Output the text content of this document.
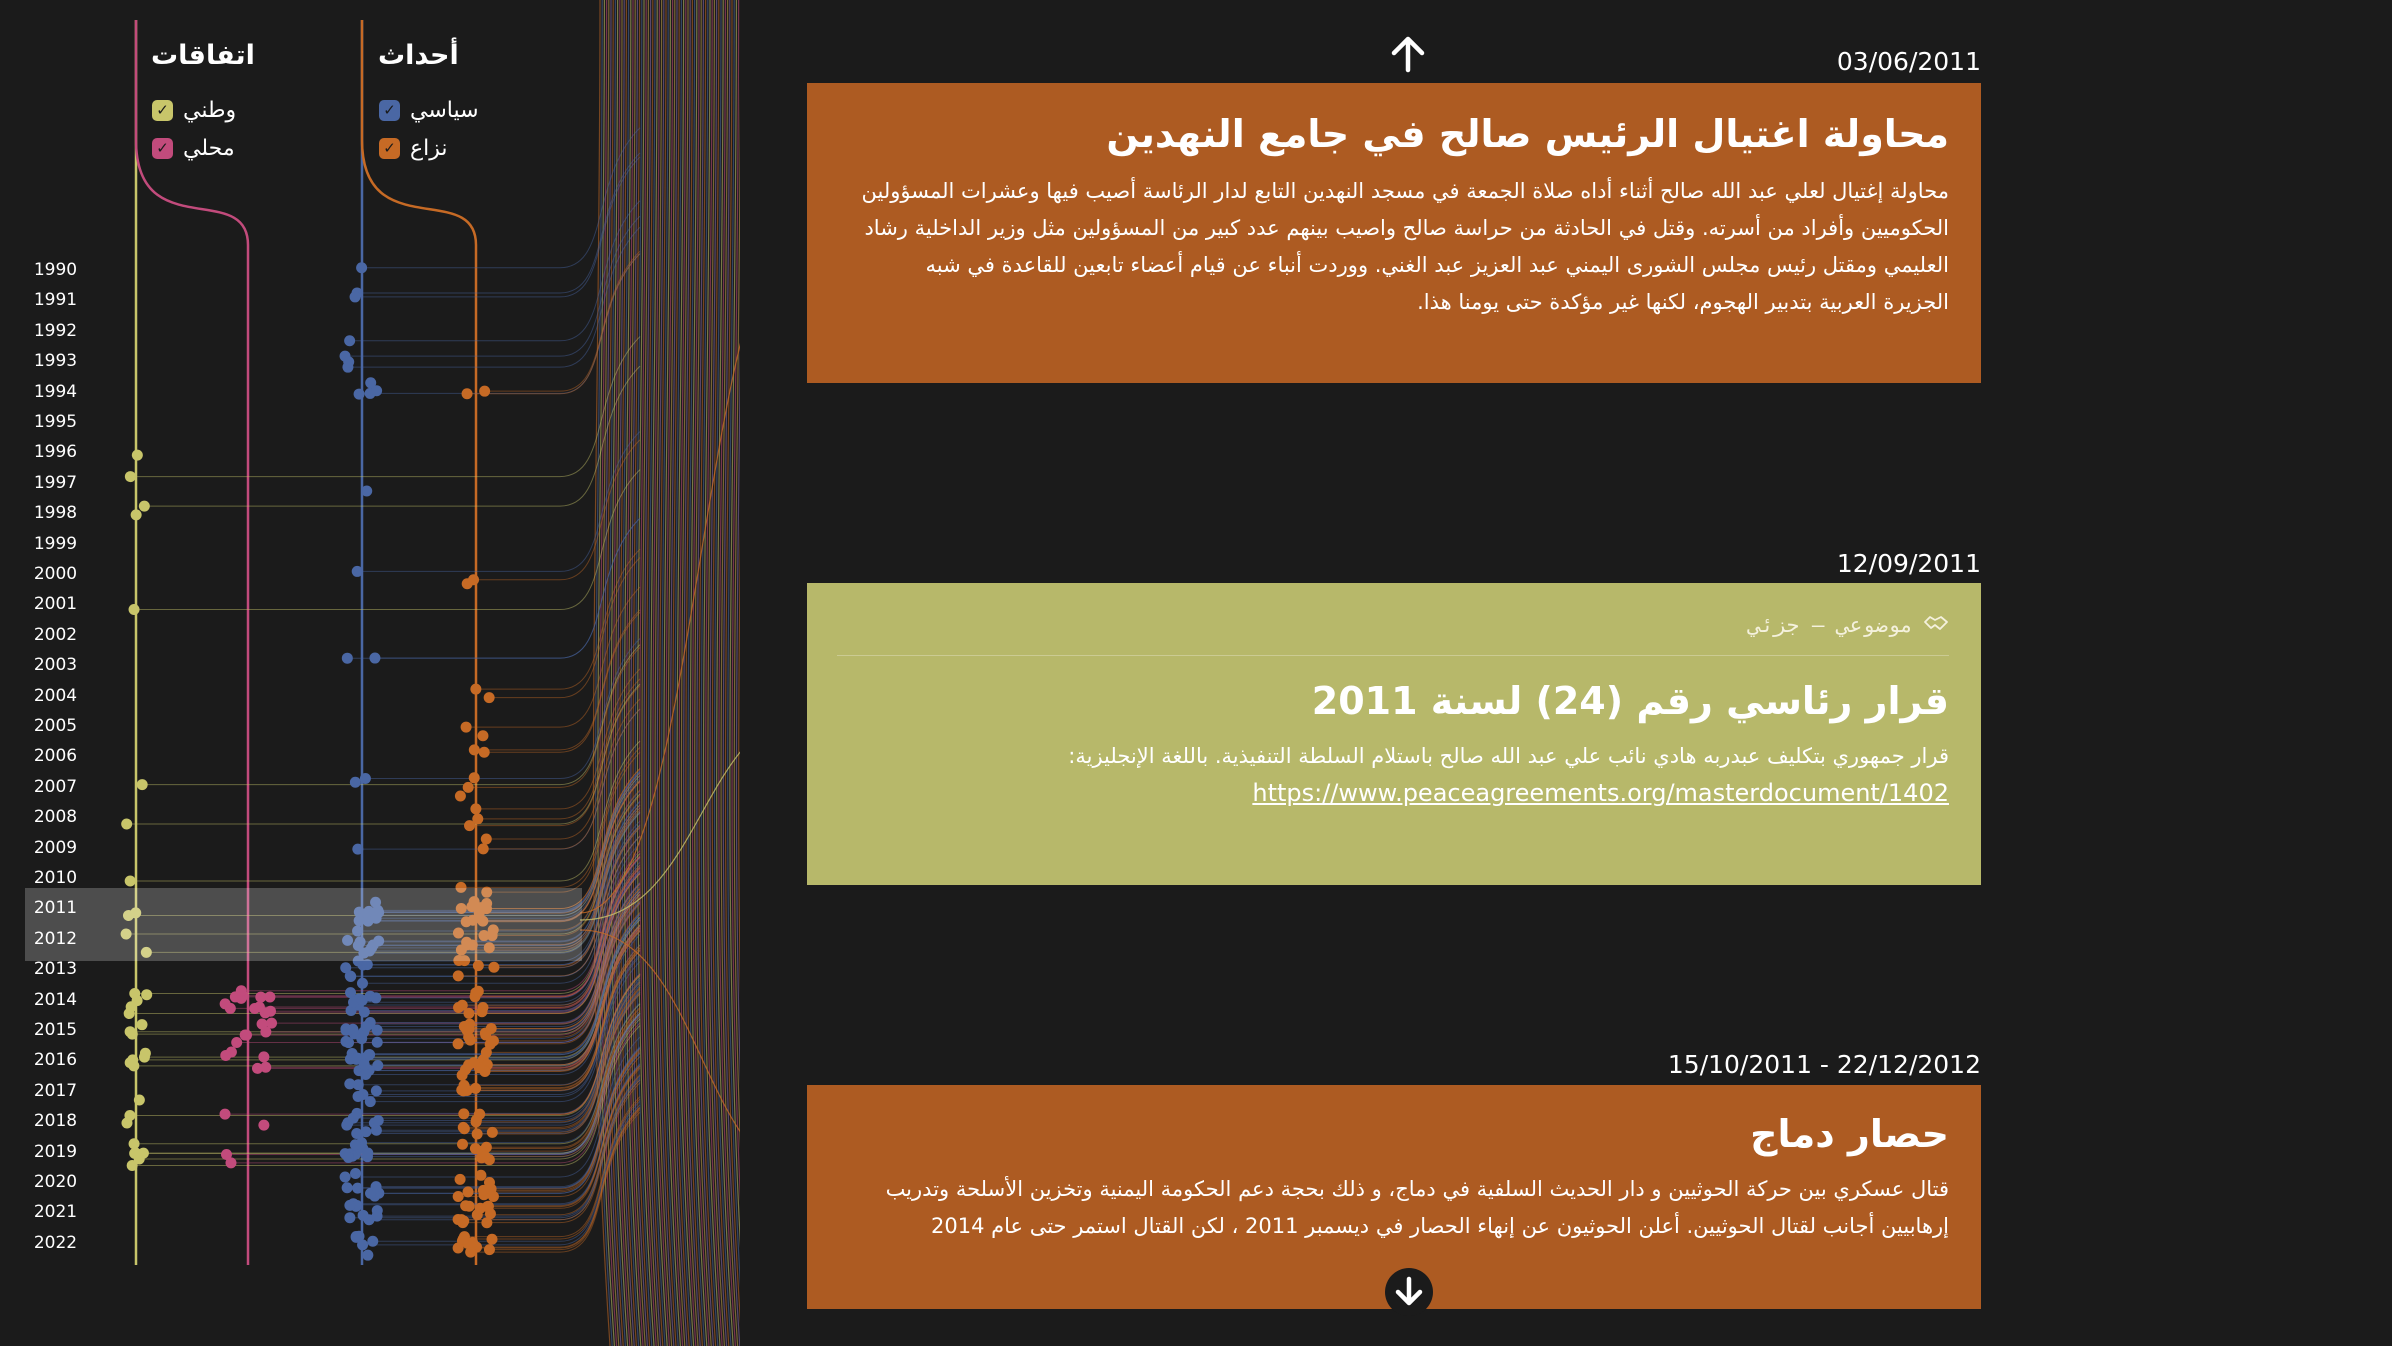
1990
1991
1992
1993
1994
1995
1996
1997
1998
1999
2000
2001
2002
2003
2004
2005
2006
2007
2008
2009
2010
2011
2012
2013
2014
2015
2016
2017
2018
2019
2020
2021
2022
اتفاقات
✓ وطني
✓ محلي
أحداث
✓ سياسي
✓ نزاع
03/06/2011
محاولة اغتيال الرئيس صالح في جامع النهدين

محاولة إغتيال لعلي عبد الله صالح أثناء أداه صلاة الجمعة في مسجد النهدين التابع لدار الرئاسة أصيب فيها وعشرات المسؤولين الحكوميين وأفراد من أسرته. وقتل في الحادثة من حراسة صالح واصيب بينهم عدد كبير من المسؤولين مثل وزير الداخلية رشاد العليمي ومقتل رئيس مجلس الشورى اليمني عبد العزيز عبد الغني. ووردت أنباء عن قيام أعضاء تابعين للقاعدة في شبه الجزيرة العربية بتدبير الهجوم، لكنها غير مؤكدة حتى يومنا هذا.

12/09/2011
موضوعي – جزئي
قرار رئاسي رقم (24) لسنة 2011

قرار جمهوري بتكليف عبدربه هادي نائب علي عبد الله صالح باستلام السلطة التنفيذية. باللغة الإنجليزية:

https://www.peaceagreements.org/masterdocument/1402

15/10/2011 - 22/12/2012
حصار دماج

قتال عسكري بين حركة الحوثيين و دار الحديث السلفية في دماج، و ذلك بحجة دعم الحكومة اليمنية وتخزين الأسلحة وتدريب إرهابيين أجانب لقتال الحوثيين. أعلن الحوثيون عن إنهاء الحصار في ديسمبر 2011 ، لكن القتال استمر حتى عام 2014
